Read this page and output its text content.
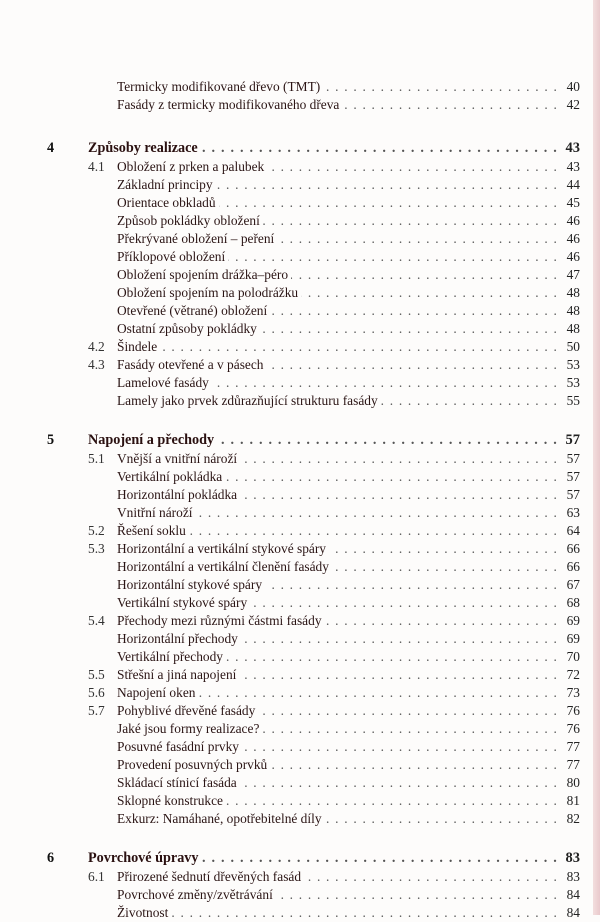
Termicky modifikované dřevo (TMT) . . .	40
Fasády z termicky modifikovaného dřeva . . .	42
4 Způsoby realizace . . .	43
4.1 Obložení z prken a palubek . . .	43
Základní principy . . .	44
Orientace obkladů . . .	45
Způsob pokládky obložení . . .	46
Překrývané obložení – peření . . .	46
Příklopové obložení . . .	46
Obložení spojením drážka–péro . . .	47
Obložení spojením na polodrážku . . .	48
Otevřené (větrané) obložení . . .	48
Ostatní způsoby pokládky . . .	48
4.2 Šindele . . .	50
4.3 Fasády otevřené a v pásech . . .	53
Lamelové fasády . . .	53
Lamely jako prvek zdůrazňující strukturu fasády . . .	55
5 Napojení a přechody . . .	57
5.1 Vnější a vnitřní nároží . . .	57
Vertikální pokládka . . .	57
Horizontální pokládka . . .	57
Vnitřní nároží . . .	63
5.2 Řešení soklu . . .	64
5.3 Horizontální a vertikální stykové spáry . . .	66
Horizontální a vertikální členění fasády . . .	66
Horizontální stykové spáry . . .	67
Vertikální stykové spáry . . .	68
5.4 Přechody mezi různými částmi fasády . . .	69
Horizontální přechody . . .	69
Vertikální přechody . . .	70
5.5 Střešní a jiná napojení . . .	72
5.6 Napojení oken . . .	73
5.7 Pohyblivé dřevěné fasády . . .	76
Jaké jsou formy realizace? . . .	76
Posuvné fasádní prvky . . .	77
Provedení posuvných prvků . . .	77
Skládací stínicí fasáda . . .	80
Sklopné konstrukce . . .	81
Exkurz: Namáhané, opotřebitelné díly . . .	82
6 Povrchové úpravy . . .	83
6.1 Přirozené šednutí dřevěných fasád . . .	83
Povrchové změny/zvětrávání . . .	84
Životnost . . .	84
